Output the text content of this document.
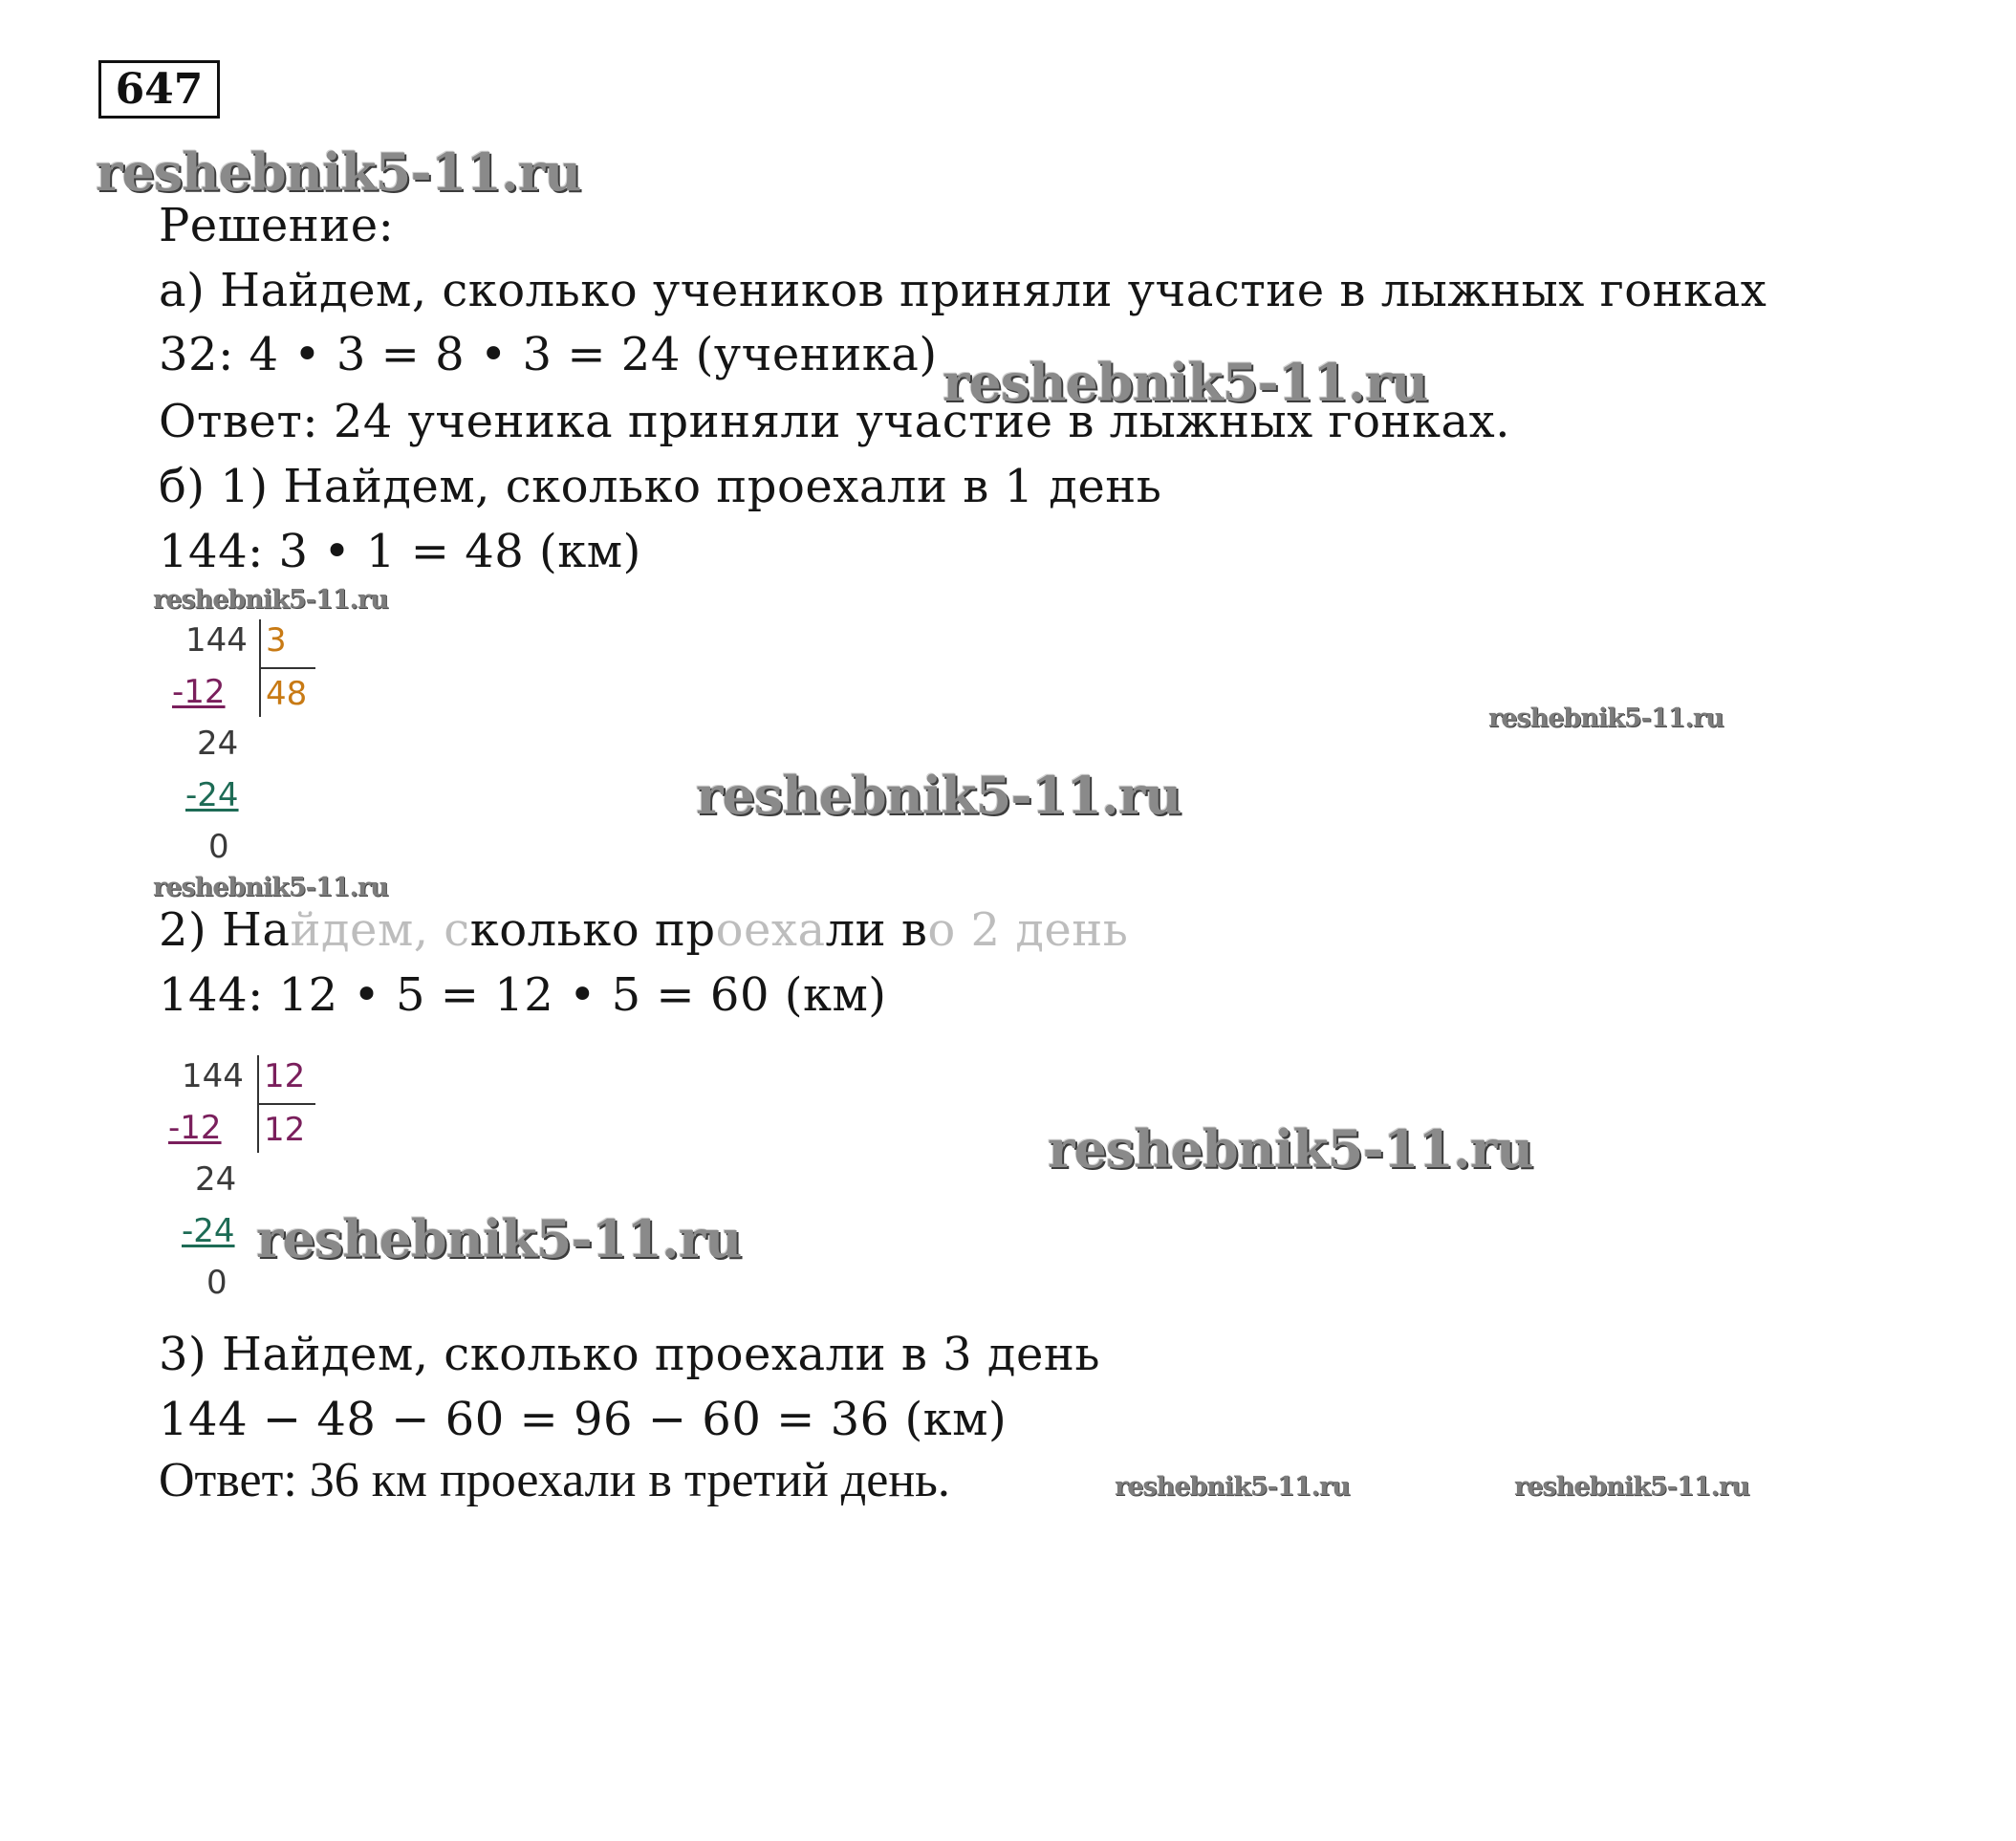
647
reshebnik5-11.ru
reshebnik5-11.ru
reshebnik5-11.ru
reshebnik5-11.ru
reshebnik5-11.ru
reshebnik5-11.ru
reshebnik5-11.ru
reshebnik5-11.ru
reshebnik5-11.ru	reshebnik5-11.ru
Решение:
а) Найдем, сколько учеников приняли участие в лыжных гонках
32: 4 • 3 = 8 • 3 = 24 (ученика)
Ответ: 24 ученика приняли участие в лыжных гонках.
б) 1) Найдем, сколько проехали в 1 день
144: 3 • 1 = 48 (км)
144 3
-12 48
24
-24
0
2) Найдем, сколько проехали во 2 день
144: 12 • 5 = 12 • 5 = 60 (км)
144 12
-12 12
24
-24
0
3) Найдем, сколько проехали в 3 день
144 − 48 − 60 = 96 − 60 = 36 (км)
Ответ: 36 км проехали в третий день.
